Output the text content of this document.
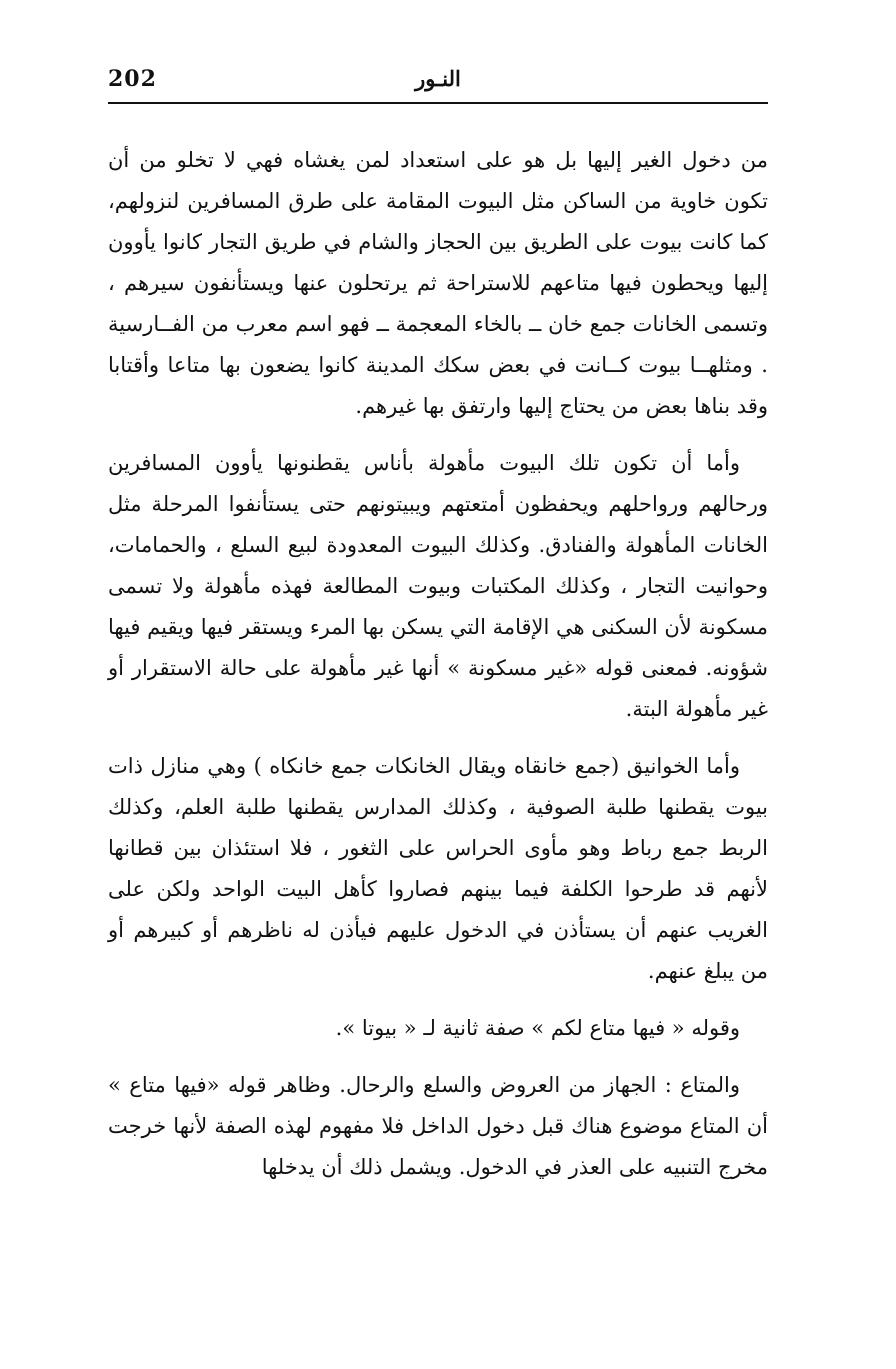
202	النـور

من دخول الغير إليها بل هو على استعداد لمن يغشاه فهي لا تخلو من أن تكون خاوية من الساكن مثل البيوت المقامة على طرق المسافرين لنزولهم، كما كانت بيوت على الطريق بين الحجاز والشام في طريق التجار كانوا يأوون إليها ويحطون فيها متاعهم للاستراحة ثم يرتحلون عنها ويستأنفون سيرهم ، وتسمى الخانات جمع خان ــ بالخاء المعجمة ــ فهو اسم معرب من الفــارسية . ومثلهــا بيوت كــانت في بعض سكك المدينة كانوا يضعون بها متاعا وأقتابا وقد بناها بعض من يحتاج إليها وارتفق بها غيرهم.

وأما أن تكون تلك البيوت مأهولة بأناس يقطنونها يأوون المسافرين ورحالهم ورواحلهم ويحفظون أمتعتهم ويبيتونهم حتى يستأنفوا المرحلة مثل الخانات المأهولة والفنادق. وكذلك البيوت المعدودة لبيع السلع ، والحمامات، وحوانيت التجار ، وكذلك المكتبات وبيوت المطالعة فهذه مأهولة ولا تسمى مسكونة لأن السكنى هي الإقامة التي يسكن بها المرء ويستقر فيها ويقيم فيها شؤونه. فمعنى قوله «غير مسكونة » أنها غير مأهولة على حالة الاستقرار أو غير مأهولة البتة.

وأما الخوانيق (جمع خانقاه ويقال الخانكات جمع خانكاه ) وهي منازل ذات بيوت يقطنها طلبة الصوفية ، وكذلك المدارس يقطنها طلبة العلم، وكذلك الربط جمع رباط وهو مأوى الحراس على الثغور ، فلا استئذان بين قطانها لأنهم قد طرحوا الكلفة فيما بينهم فصاروا كأهل البيت الواحد ولكن على الغريب عنهم أن يستأذن في الدخول عليهم فيأذن له ناظرهم أو كبيرهم أو من يبلغ عنهم.

وقوله « فيها متاع لكم » صفة ثانية لـ « بيوتا ».

والمتاع : الجهاز من العروض والسلع والرحال. وظاهر قوله «فيها متاع » أن المتاع موضوع هناك قبل دخول الداخل فلا مفهوم لهذه الصفة لأنها خرجت مخرج التنبيه على العذر في الدخول. ويشمل ذلك أن يدخلها
